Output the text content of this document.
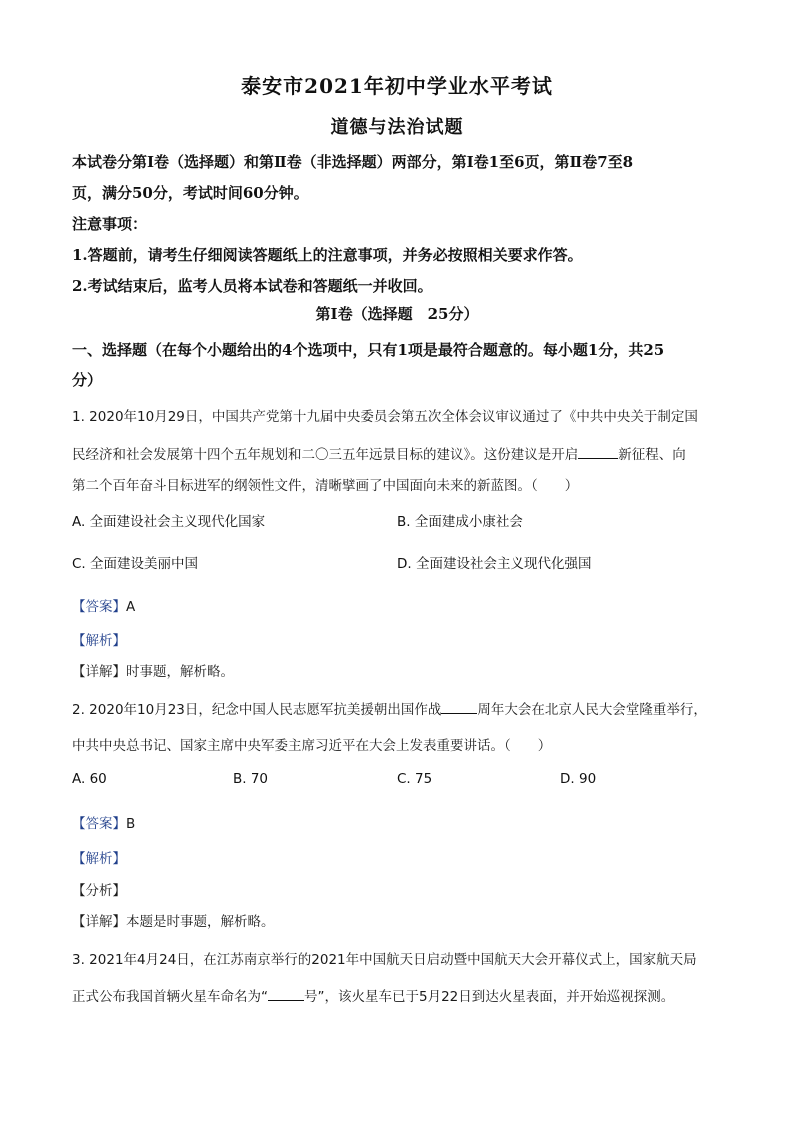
泰安市2021年初中学业水平考试
道德与法治试题
本试卷分第Ⅰ卷（选择题）和第Ⅱ卷（非选择题）两部分，第Ⅰ卷1至6页，第Ⅱ卷7至8
页，满分50分，考试时间60分钟。
注意事项：
1.答题前，请考生仔细阅读答题纸上的注意事项，并务必按照相关要求作答。
2.考试结束后，监考人员将本试卷和答题纸一并收回。
第Ⅰ卷（选择题　25分）
一、选择题（在每个小题给出的4个选项中，只有1项是最符合题意的。每小题1分，共25
分）
1. 2020年10月29日，中国共产党第十九届中央委员会第五次全体会议审议通过了《中共中央关于制定国
民经济和社会发展第十四个五年规划和二〇三五年远景目标的建议》。这份建议是开启	新征程、向
第二个百年奋斗目标进军的纲领性文件，清晰擘画了中国面向未来的新蓝图。（　　）
A. 全面建设社会主义现代化国家	B. 全面建成小康社会
C. 全面建设美丽中国	D. 全面建设社会主义现代化强国
【答案】A
【解析】
【详解】时事题，解析略。
2. 2020年10月23日，纪念中国人民志愿军抗美援朝出国作战	周年大会在北京人民大会堂隆重举行，
中共中央总书记、国家主席中央军委主席习近平在大会上发表重要讲话。（　　）
A. 60	B. 70	C. 75	D. 90
【答案】B
【解析】
【分析】
【详解】本题是时事题，解析略。
3. 2021年4月24日，在江苏南京举行的2021年中国航天日启动暨中国航天大会开幕仪式上，国家航天局
正式公布我国首辆火星车命名为“	号”，该火星车已于5月22日到达火星表面，并开始巡视探测。
